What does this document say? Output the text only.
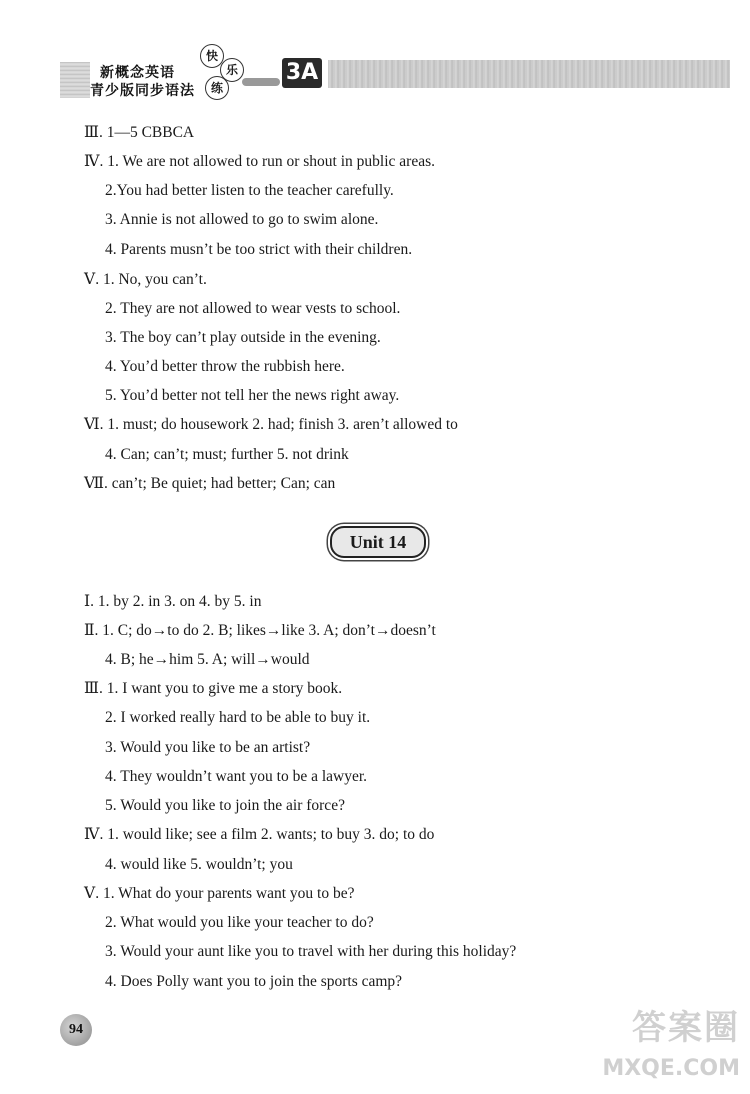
新概念英语
青少版同步语法
快
乐
练
3A
Ⅲ. 1—5 CBBCA
Ⅳ. 1. We are not allowed to run or shout in public areas.
2.You had better listen to the teacher carefully.
3. Annie is not allowed to go to swim alone.
4. Parents musn’t be too strict with their children.
Ⅴ. 1. No, you can’t.
2. They are not allowed to wear vests to school.
3. The boy can’t play outside in the evening.
4. You’d better throw the rubbish here.
5. You’d better not tell her the news right away.
Ⅵ. 1. must; do housework 2. had; finish 3. aren’t allowed to
4. Can; can’t; must; further 5. not drink
Ⅶ. can’t; Be quiet; had better; Can; can
Unit 14
Ⅰ. 1. by 2. in 3. on 4. by 5. in
Ⅱ. 1. C; do→to do 2. B; likes→like 3. A; don’t→doesn’t
4. B; he→him 5. A; will→would
Ⅲ. 1. I want you to give me a story book.
2. I worked really hard to be able to buy it.
3. Would you like to be an artist?
4. They wouldn’t want you to be a lawyer.
5. Would you like to join the air force?
Ⅳ. 1. would like; see a film 2. wants; to buy 3. do; to do
4. would like 5. wouldn’t; you
Ⅴ. 1. What do your parents want you to be?
2. What would you like your teacher to do?
3. Would your aunt like you to travel with her during this holiday?
4. Does Polly want you to join the sports camp?
94	答案圈
MXQE.COM
